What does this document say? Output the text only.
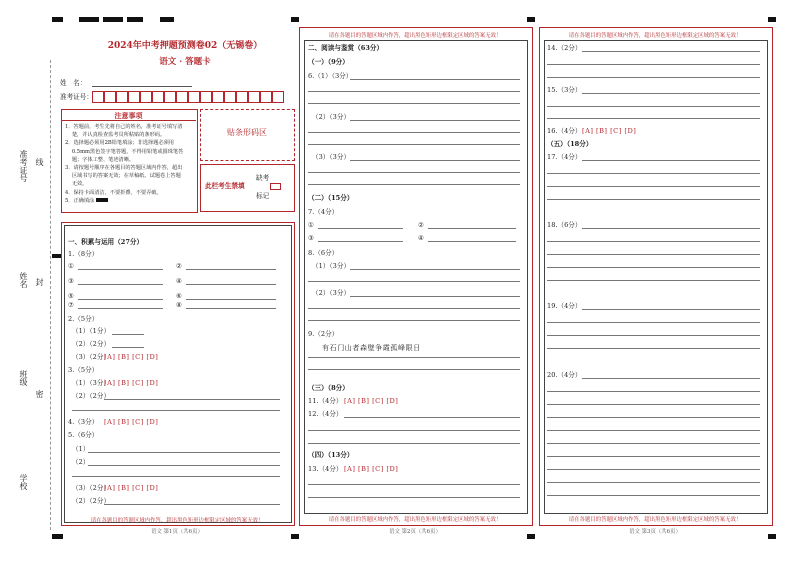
准考证号 线
姓名 封
班级
密
学校
2024年中考押题预测卷02（无锡卷）
语文 · 答题卡
姓　名：
准考证号：
注意事项
1．答题前，考生先将自己的姓名，准考证号填写清
　 楚，并认真检查监考员所粘贴的条形码。
2．选择题必须用2B铅笔填涂；非选择题必须用
　 0.5mm黑色签字笔答题，不得用铅笔或圆珠笔答
　 题；字体工整、笔迹清晰。
3．请按题号顺序在各题目的答题区域内作答，超出
　 区域书写的答案无效；在草稿纸、试题卷上答题
　 无效。
4．保持卡面清洁，不要折叠、不要弄破。
5．正确填涂
贴条形码区
此栏考生禁填
缺考
标记
一、积累与运用（27分）
1.（8分）
①	②
③	④
⑤	⑥
⑦	⑧
2.（5分）
（1）（1分）
（2）（2分）
（3）（2分）
[A] [B] [C] [D]
3.（5分）
（1）（3分）
[A] [B] [C] [D]
（2）（2分）
4.（3分） [A] [B] [C] [D]
5.（6分）
（1）
（2）
（3）（2分）
[A] [B] [C] [D]
（2）（2分）
请在各题目的答题区域内作答，超出黑色矩形边框限定区域的答案无效！
语文 第1页（共6页）
请在各题目的答题区域内作答，超出黑色矩形边框限定区域的答案无效！
二、阅读与鉴赏（63分）
（一）（9分）
6.（1）（3分）
（2）（3分）
（3）（3分）
（二）（15分）
7.（4分）
①	②
③	④
8.（6分）
（1）（3分）
（2）（3分）
9.（2分）
有石门山者森壁争霞孤峰限日
（三）（8分）
11.（4分） [A] [B] [C] [D]
12.（4分）
（四）（13分）
13.（4分） [A] [B] [C] [D]
请在各题目的答题区域内作答，超出黑色矩形边框限定区域的答案无效！
语文 第2页（共6页）
请在各题目的答题区域内作答，超出黑色矩形边框限定区域的答案无效！
14.（2分）
15.（3分）
16.（4分） [A] [B] [C] [D]
（五）（18分）
17.（4分）
18.（6分）
19.（4分）
20.（4分）
请在各题目的答题区域内作答，超出黑色矩形边框限定区域的答案无效！
语文 第3页（共6页）
